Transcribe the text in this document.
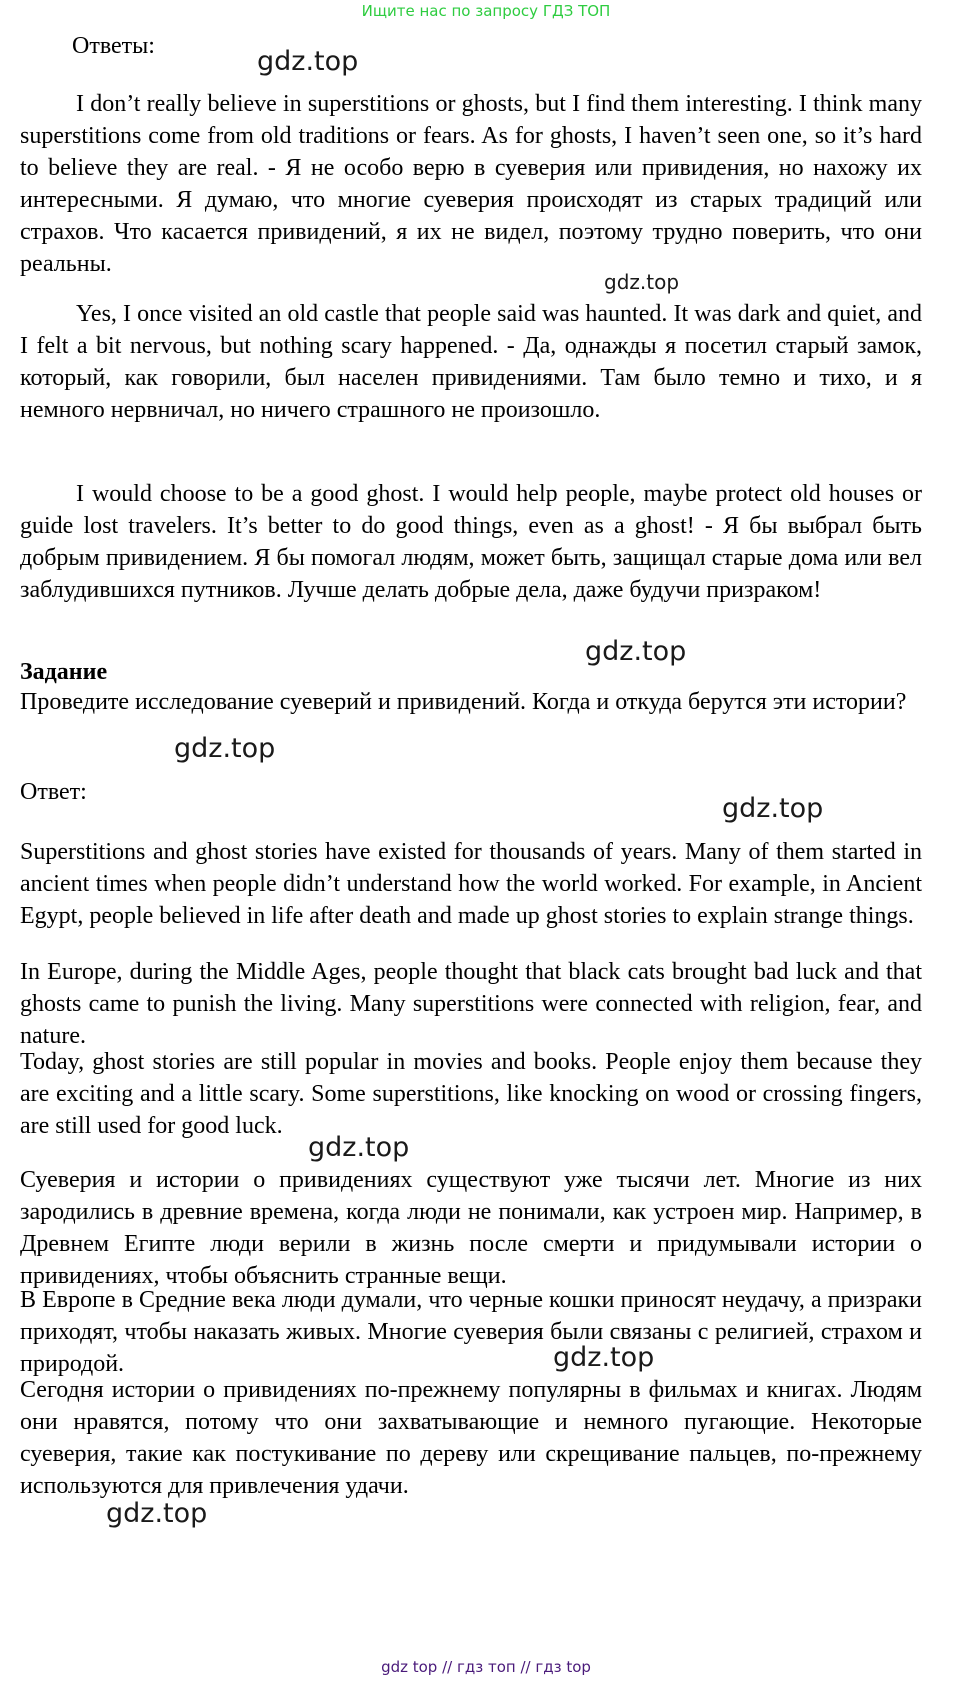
Ищите нас по запросу ГДЗ ТОП

Ответы:	gdz.top

I don’t really believe in superstitions or ghosts, but I find them interesting. I think many superstitions come from old traditions or fears. As for ghosts, I haven’t seen one, so it’s hard to believe they are real. - Я не особо верю в суеверия или привидения, но нахожу их интересными. Я думаю, что многие суеверия происходят из старых традиций или страхов. Что касается привидений, я их не видел, поэтому трудно поверить, что они реальны.

gdz.top

Yes, I once visited an old castle that people said was haunted. It was dark and quiet, and I felt a bit nervous, but nothing scary happened. - Да, однажды я посетил старый замок, который, как говорили, был населен привидениями. Там было темно и тихо, и я немного нервничал, но ничего страшного не произошло.

I would choose to be a good ghost. I would help people, maybe protect old houses or guide lost travelers. It’s better to do good things, even as a ghost! - Я бы выбрал быть добрым привидением. Я бы помогал людям, может быть, защищал старые дома или вел заблудившихся путников. Лучше делать добрые дела, даже будучи призраком!

gdz.top

Задание

Проведите исследование суеверий и привидений. Когда и откуда берутся эти истории?

gdz.top

Ответ:

gdz.top

Superstitions and ghost stories have existed for thousands of years. Many of them started in ancient times when people didn’t understand how the world worked. For example, in Ancient Egypt, people believed in life after death and made up ghost stories to explain strange things.

In Europe, during the Middle Ages, people thought that black cats brought bad luck and that ghosts came to punish the living. Many superstitions were connected with religion, fear, and nature.

Today, ghost stories are still popular in movies and books. People enjoy them because they are exciting and a little scary. Some superstitions, like knocking on wood or crossing fingers, are still used for good luck.

gdz.top

Суеверия и истории о привидениях существуют уже тысячи лет. Многие из них зародились в древние времена, когда люди не понимали, как устроен мир. Например, в Древнем Египте люди верили в жизнь после смерти и придумывали истории о привидениях, чтобы объяснить странные вещи.

В Европе в Средние века люди думали, что черные кошки приносят неудачу, а призраки приходят, чтобы наказать живых. Многие суеверия были связаны с религией, страхом и природой.	gdz.top

Сегодня истории о привидениях по-прежнему популярны в фильмах и книгах. Людям они нравятся, потому что они захватывающие и немного пугающие. Некоторые суеверия, такие как постукивание по дереву или скрещивание пальцев, по-прежнему используются для привлечения удачи.

gdz.top
gdz top // гдз топ // гдз top
